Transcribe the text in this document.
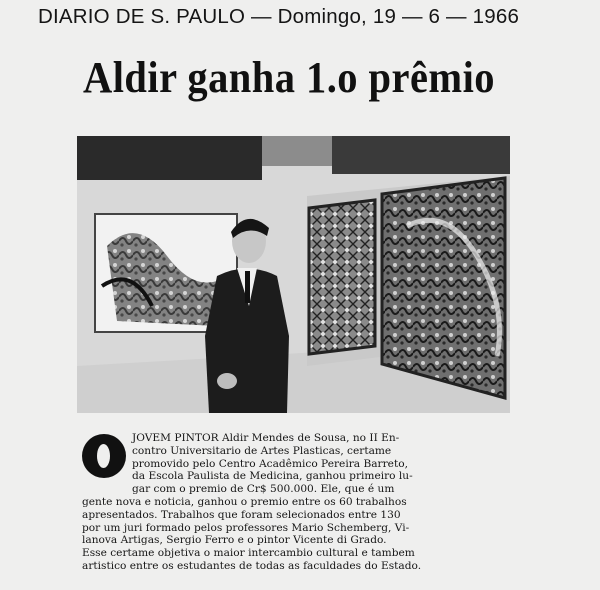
DIARIO DE S. PAULO — Domingo, 19 — 6 — 1966
Aldir ganha 1.o prêmio
JOVEM PINTOR Aldir Mendes de Sousa, no II En-
contro Universitario de Artes Plasticas, certame
promovido pelo Centro Acadêmico Pereira Barreto,
da Escola Paulista de Medicina, ganhou primeiro lu-
gar com o premio de Cr$ 500.000. Ele, que é um
gente nova e noticia, ganhou o premio entre os 60 trabalhos
apresentados. Trabalhos que foram selecionados entre 130
por um juri formado pelos professores Mario Schemberg, Vi-
lanova Artigas, Sergio Ferro e o pintor Vicente di Grado.
Esse certame objetiva o maior intercambio cultural e tambem
artistico entre os estudantes de todas as faculdades do Estado.
